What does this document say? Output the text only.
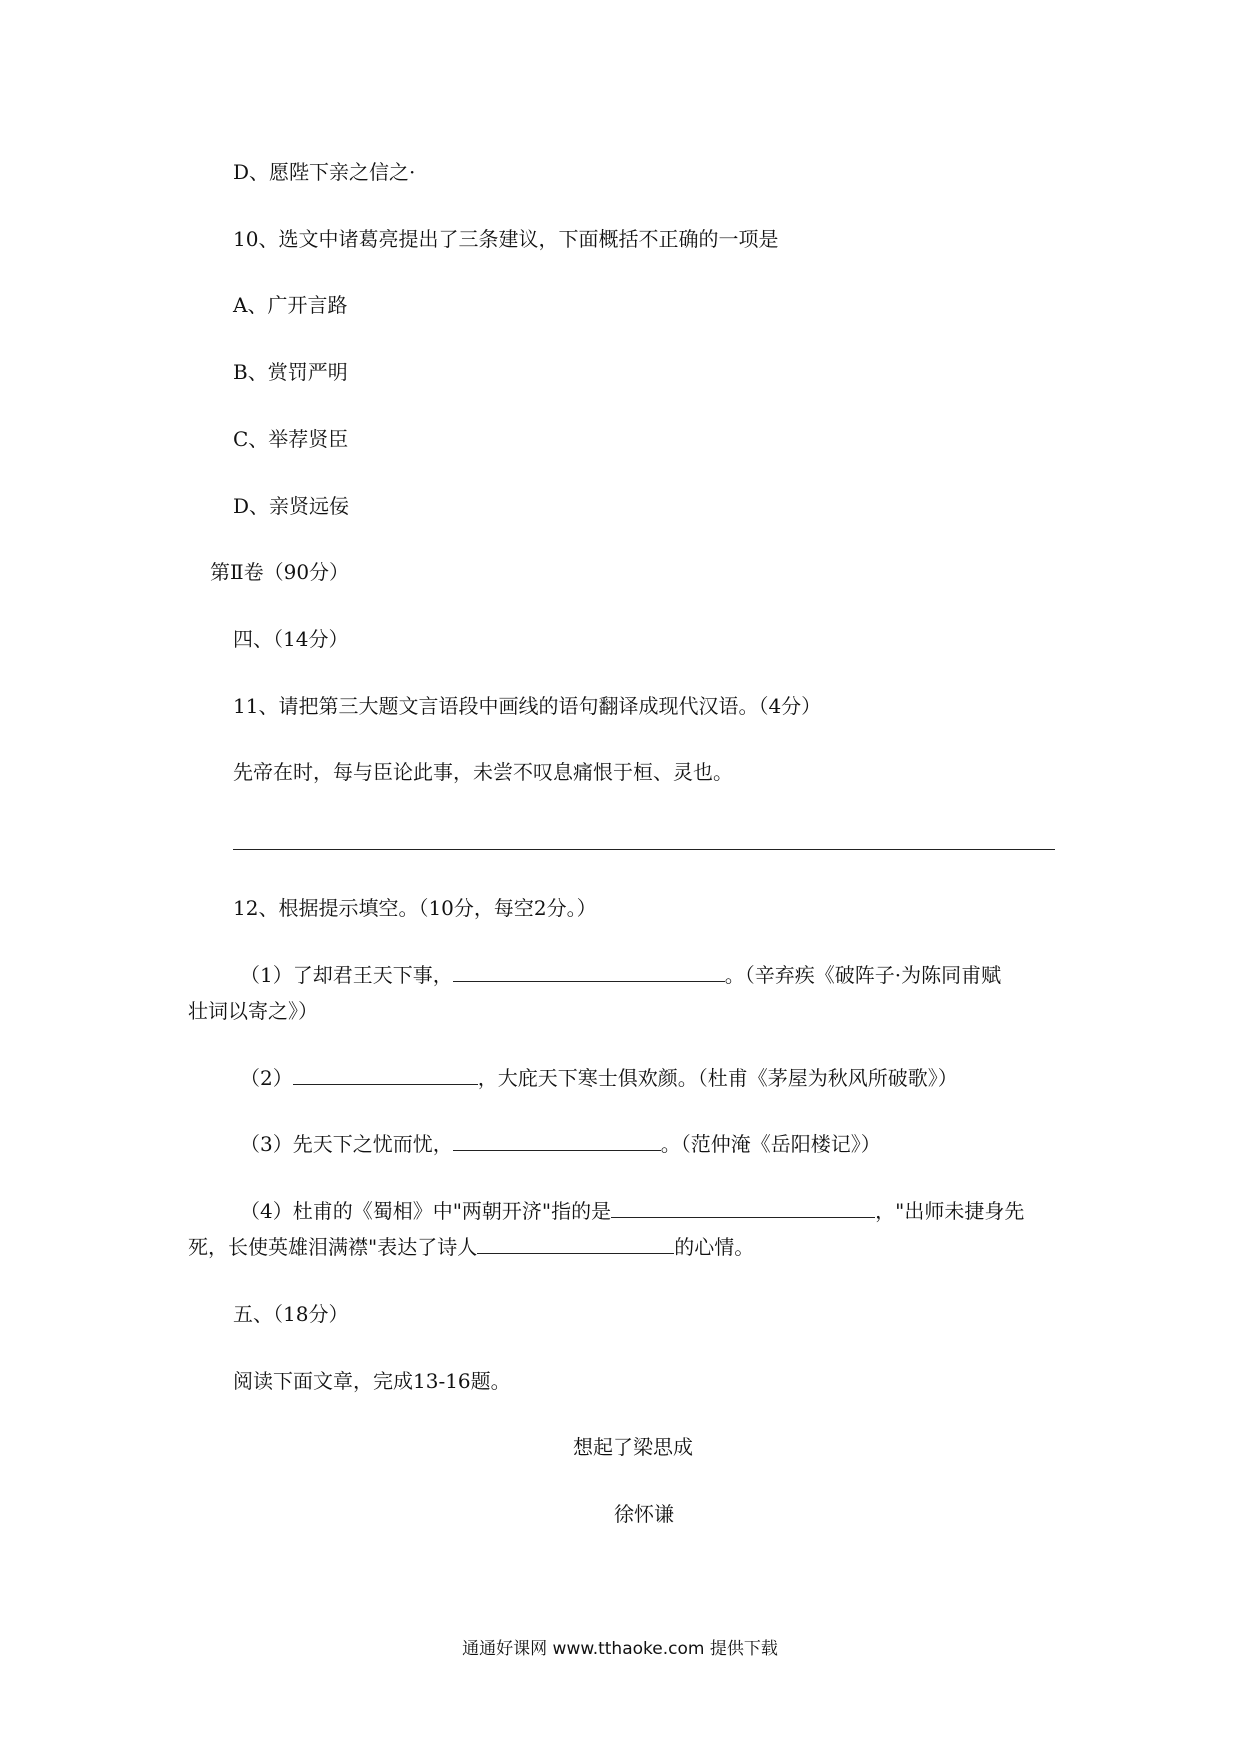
D、愿陛下亲之信之·
10、选文中诸葛亮提出了三条建议，下面概括不正确的一项是
A、广开言路
B、赏罚严明
C、举荐贤臣
D、亲贤远佞
第Ⅱ卷（90分）
四、（14分）
11、请把第三大题文言语段中画线的语句翻译成现代汉语。（4分）
先帝在时，每与臣论此事，未尝不叹息痛恨于桓、灵也。
12、根据提示填空。（10分，每空2分。）
（1）了却君王天下事，	。（辛弃疾《破阵子·为陈同甫赋
壮词以寄之》）
（2）	，大庇天下寒士俱欢颜。（杜甫《茅屋为秋风所破歌》）
（3）先天下之忧而忧，	。（范仲淹《岳阳楼记》）
（4）杜甫的《蜀相》中"两朝开济"指的是	，"出师未捷身先
死，长使英雄泪满襟"表达了诗人	的心情。
五、（18分）
阅读下面文章，完成13-16题。
想起了梁思成
徐怀谦
通通好课网 www.tthaoke.com 提供下载
